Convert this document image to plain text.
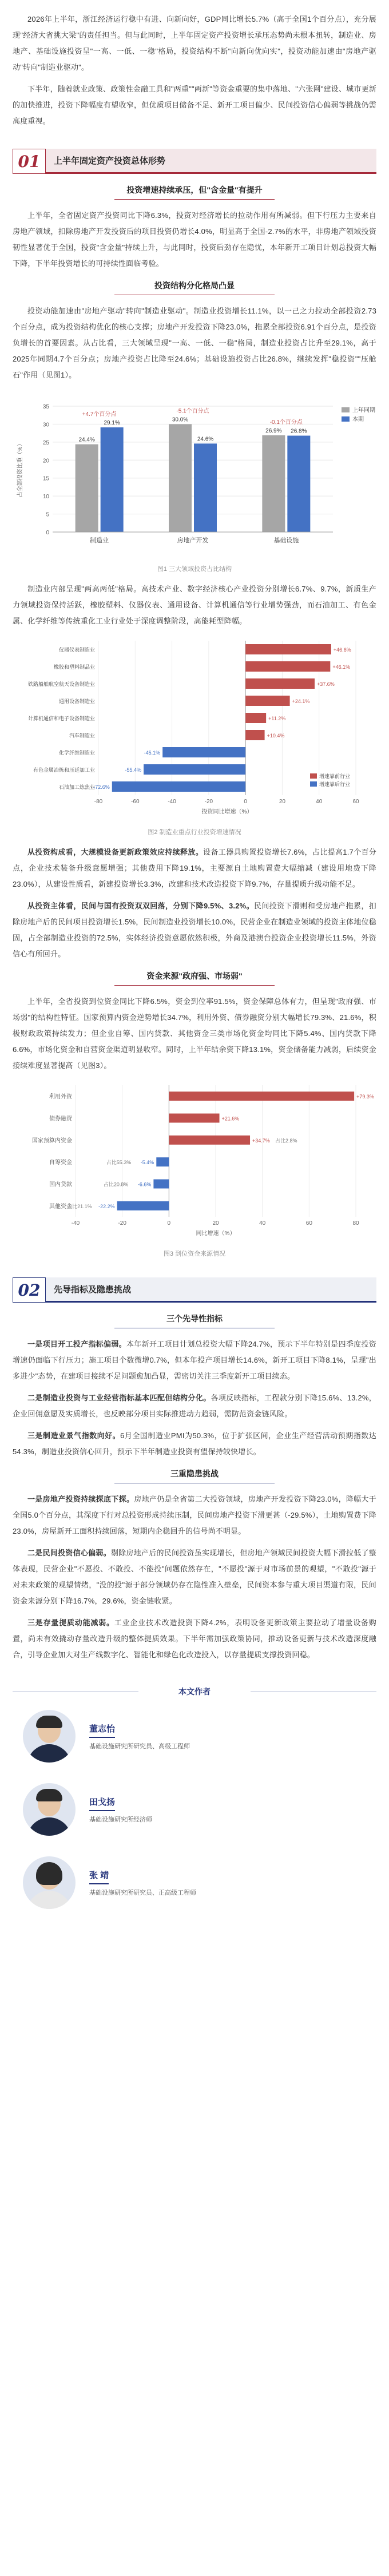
2026年上半年，浙江经济运行稳中有进、向新向好，GDP同比增长5.7%（高于全国1个百分点），充分展现"经济大省挑大梁"的责任担当。但与此同时，上半年固定资产投资增长承压态势尚未根本扭转，制造业、房地产、基础设施投资呈"一高、一低、一稳"格局，投资结构不断"向新向优向实"，投资动能加速由"房地产驱动"转向"制造业驱动"。

下半年，随着就业政策、政策性金融工具和"两重""两新"等资金重要的集中落地、"六张网"建设、城市更新的加快推进，投资下降幅度有望收窄，但优质项目储备不足、新开工项目偏少、民间投资信心偏弱等挑战仍需高度重视。

01	上半年固定资产投资总体形势
投资增速持续承压，但"含金量"有提升

上半年，全省固定资产投资同比下降6.3%，投资对经济增长的拉动作用有所减弱。但下行压力主要来自房地产领域，扣除房地产开发投资后的项目投资仍增长4.0%，明显高于全国-2.7%的水平，非房地产领域投资韧性显著优于全国，投资"含金量"持续上升，与此同时，投资后劲存在隐忧，本年新开工项目计划总投资大幅下降，下半年投资增长的可持续性面临考验。

投资结构分化格局凸显

投资动能加速由"房地产驱动"转向"制造业驱动"。制造业投资增长11.1%，以一己之力拉动全部投资2.73个百分点，成为投资结构优化的核心支撑；房地产开发投资下降23.0%，拖累全部投资6.91个百分点，是投资负增长的首要因素。从占比看，三大领域呈现"一高、一低、一稳"格局，制造业投资占比升至29.1%，高于2025年同期4.7个百分点；房地产投资占比降至24.6%；基础设施投资占比26.8%，继续发挥"稳投资""压舱石"作用（见图1）。

0
5
10
15
20
25
30
35
占全部投资比重（%）
24.4%
29.1%
+4.7个百分点
制造业
30.0%
24.6%
-5.1个百分点
房地产开发
26.9% 26.8%
-0.1个百分点
基础设施
上年同期
本期
图1 三大领域投资占比结构

制造业内部呈现"两高两低"格局。高技术产业、数字经济核心产业投资分别增长6.7%、9.7%，新质生产力领域投资保持活跃，橡胶塑料、仪器仪表、通用设备、计算机通信等行业增势强劲，而石油加工、有色金属、化学纤维等传统重化工业行业处于深度调整阶段，高能耗型降幅。

-80	-60	-40	-20	0	20	40	60
投资同比增速（%）
仪器仪表制造业	+46.6%
橡胶和塑料制品业	+46.1%
铁路船舶航空航天设备制造业	+37.6%
通用设备制造业	+24.1%
计算机通信和电子设备制造业	+11.2%
汽车制造业	+10.4%
化学纤维制造业	-45.1%
有色金属冶炼和压延加工业	-55.4%
石油加工炼焦业
-72.6%
增速靠前行业
增速靠后行业
图2 制造业重点行业投资增速情况

从投资构成看，大规模设备更新政策效应持续释放。设备工器具购置投资增长7.6%，占比提高1.7个百分点，企业技术装备升级意愿增强；其他费用下降19.1%，主要源自土地购置费大幅缩减（建设用地费下降23.0%），从建设性质看，新建投资增长3.3%，改建和技术改造投资下降9.7%，存量提质升级动能不足。

从投资主体看，民间与国有投资双双回落，分别下降9.5%、3.2%。民间投资下滑则和受房地产拖累，扣除房地产后的民间项目投资增长1.5%，民间制造业投资增长10.0%，民营企业在制造业领域的投资主体地位稳固，占全部制造业投资的72.5%，实体经济投资意愿依然积极，外商及港澳台投资企业投资增长11.5%，外资信心有所回升。

资金来源"政府强、市场弱"

上半年，全省投资到位资金同比下降6.5%，资金到位率91.5%，资金保障总体有力，但呈现"政府强、市场弱"的结构性特征。国家预算内资金逆势增长34.7%，利用外资、债券融资分别大幅增长79.3%、21.6%，积极财政政策持续发力；但企业自筹、国内贷款、其他资金三类市场化资金均同比下降5.4%、国内贷款下降6.6%，市场化资金和自营资金渠道明显收窄。同时，上半年结余资下降13.1%，资金储备能力减弱，后续资金接续难度显著提高（见图3）。

-40	-20	0	20	40	60	80
同比增速（%）
利用外资	+79.3%
债券融资	+21.6%
国家预算内资金	+34.7% 占比2.8%
自筹资金	-5.4%
占比55.3%
国内贷款	-6.6%
占比20.8%
其他资金	-22.2%
占比21.1%
图3 到位资金来源情况
02	先导指标及隐患挑战
三个先导性指标

一是项目开工投产指标偏弱。本年新开工项目计划总投资大幅下降24.7%，预示下半年特别是四季度投资增速仍面临下行压力；施工项目个数微增0.7%，但本年投产项目增长14.6%，新开工项目下降8.1%，呈现"出多进少"态势，在建项目接续不足问题愈加凸显，需密切关注三季度新开工项目续态。

二是制造业投资与工业经营指标基本匹配但结构分化。各项反映指标，工程款分别下降15.6%、13.2%，企业回佣意愿及实质增长，也反映部分项目实际推进动力趋弱，需防范资金链风险。

三是制造业景气指数向好。6月全国制造业PMI为50.3%，位于扩张区间，企业生产经营活动预期指数达54.3%，制造业投资信心回升，预示下半年制造业投资有望保持较快增长。

三重隐患挑战

一是房地产投资持续探底下探。房地产仍是全省第二大投资领域，房地产开发投资下降23.0%，降幅大于全国5.0个百分点，其深度下行对总投资形成持续压制，民间房地产投资下滑更甚（-29.5%），土地购置费下降23.0%，房屋新开工面积持续回落，短期内企稳回升的信号尚不明显。

二是民间投资信心偏弱。剔除房地产后的民间投资虽实现增长，但房地产领域民间投资大幅下滑拉低了整体表现，民营企业"不愿投、不敢投、不能投"问题依然存在，"不愿投"源于对市场前景的观望，"不敢投"源于对未来政策的观望情绪，"没的投"源于部分领域仍存在隐性准入壁垒，民间资本参与重大项目渠道有限，民间资金来源分别下降16.7%，29.6%，资金链收紧。

三是存量提质动能减弱。工业企业技术改造投资下降4.2%，表明设备更新政策主要拉动了增量设备购置，尚未有效撬动存量改造升级的整体提质效果。下半年需加强政策协同，推动设备更新与技术改造深度融合，引导企业加大对生产线数字化、智能化和绿色化改造投入，以存量提质支撑投资回稳。

本文作者
董志怡
基础设施研究所研究员、高级工程师
田戈扬
基础设施研究所经济师
张 靖
基础设施研究所研究员、正高级工程师
